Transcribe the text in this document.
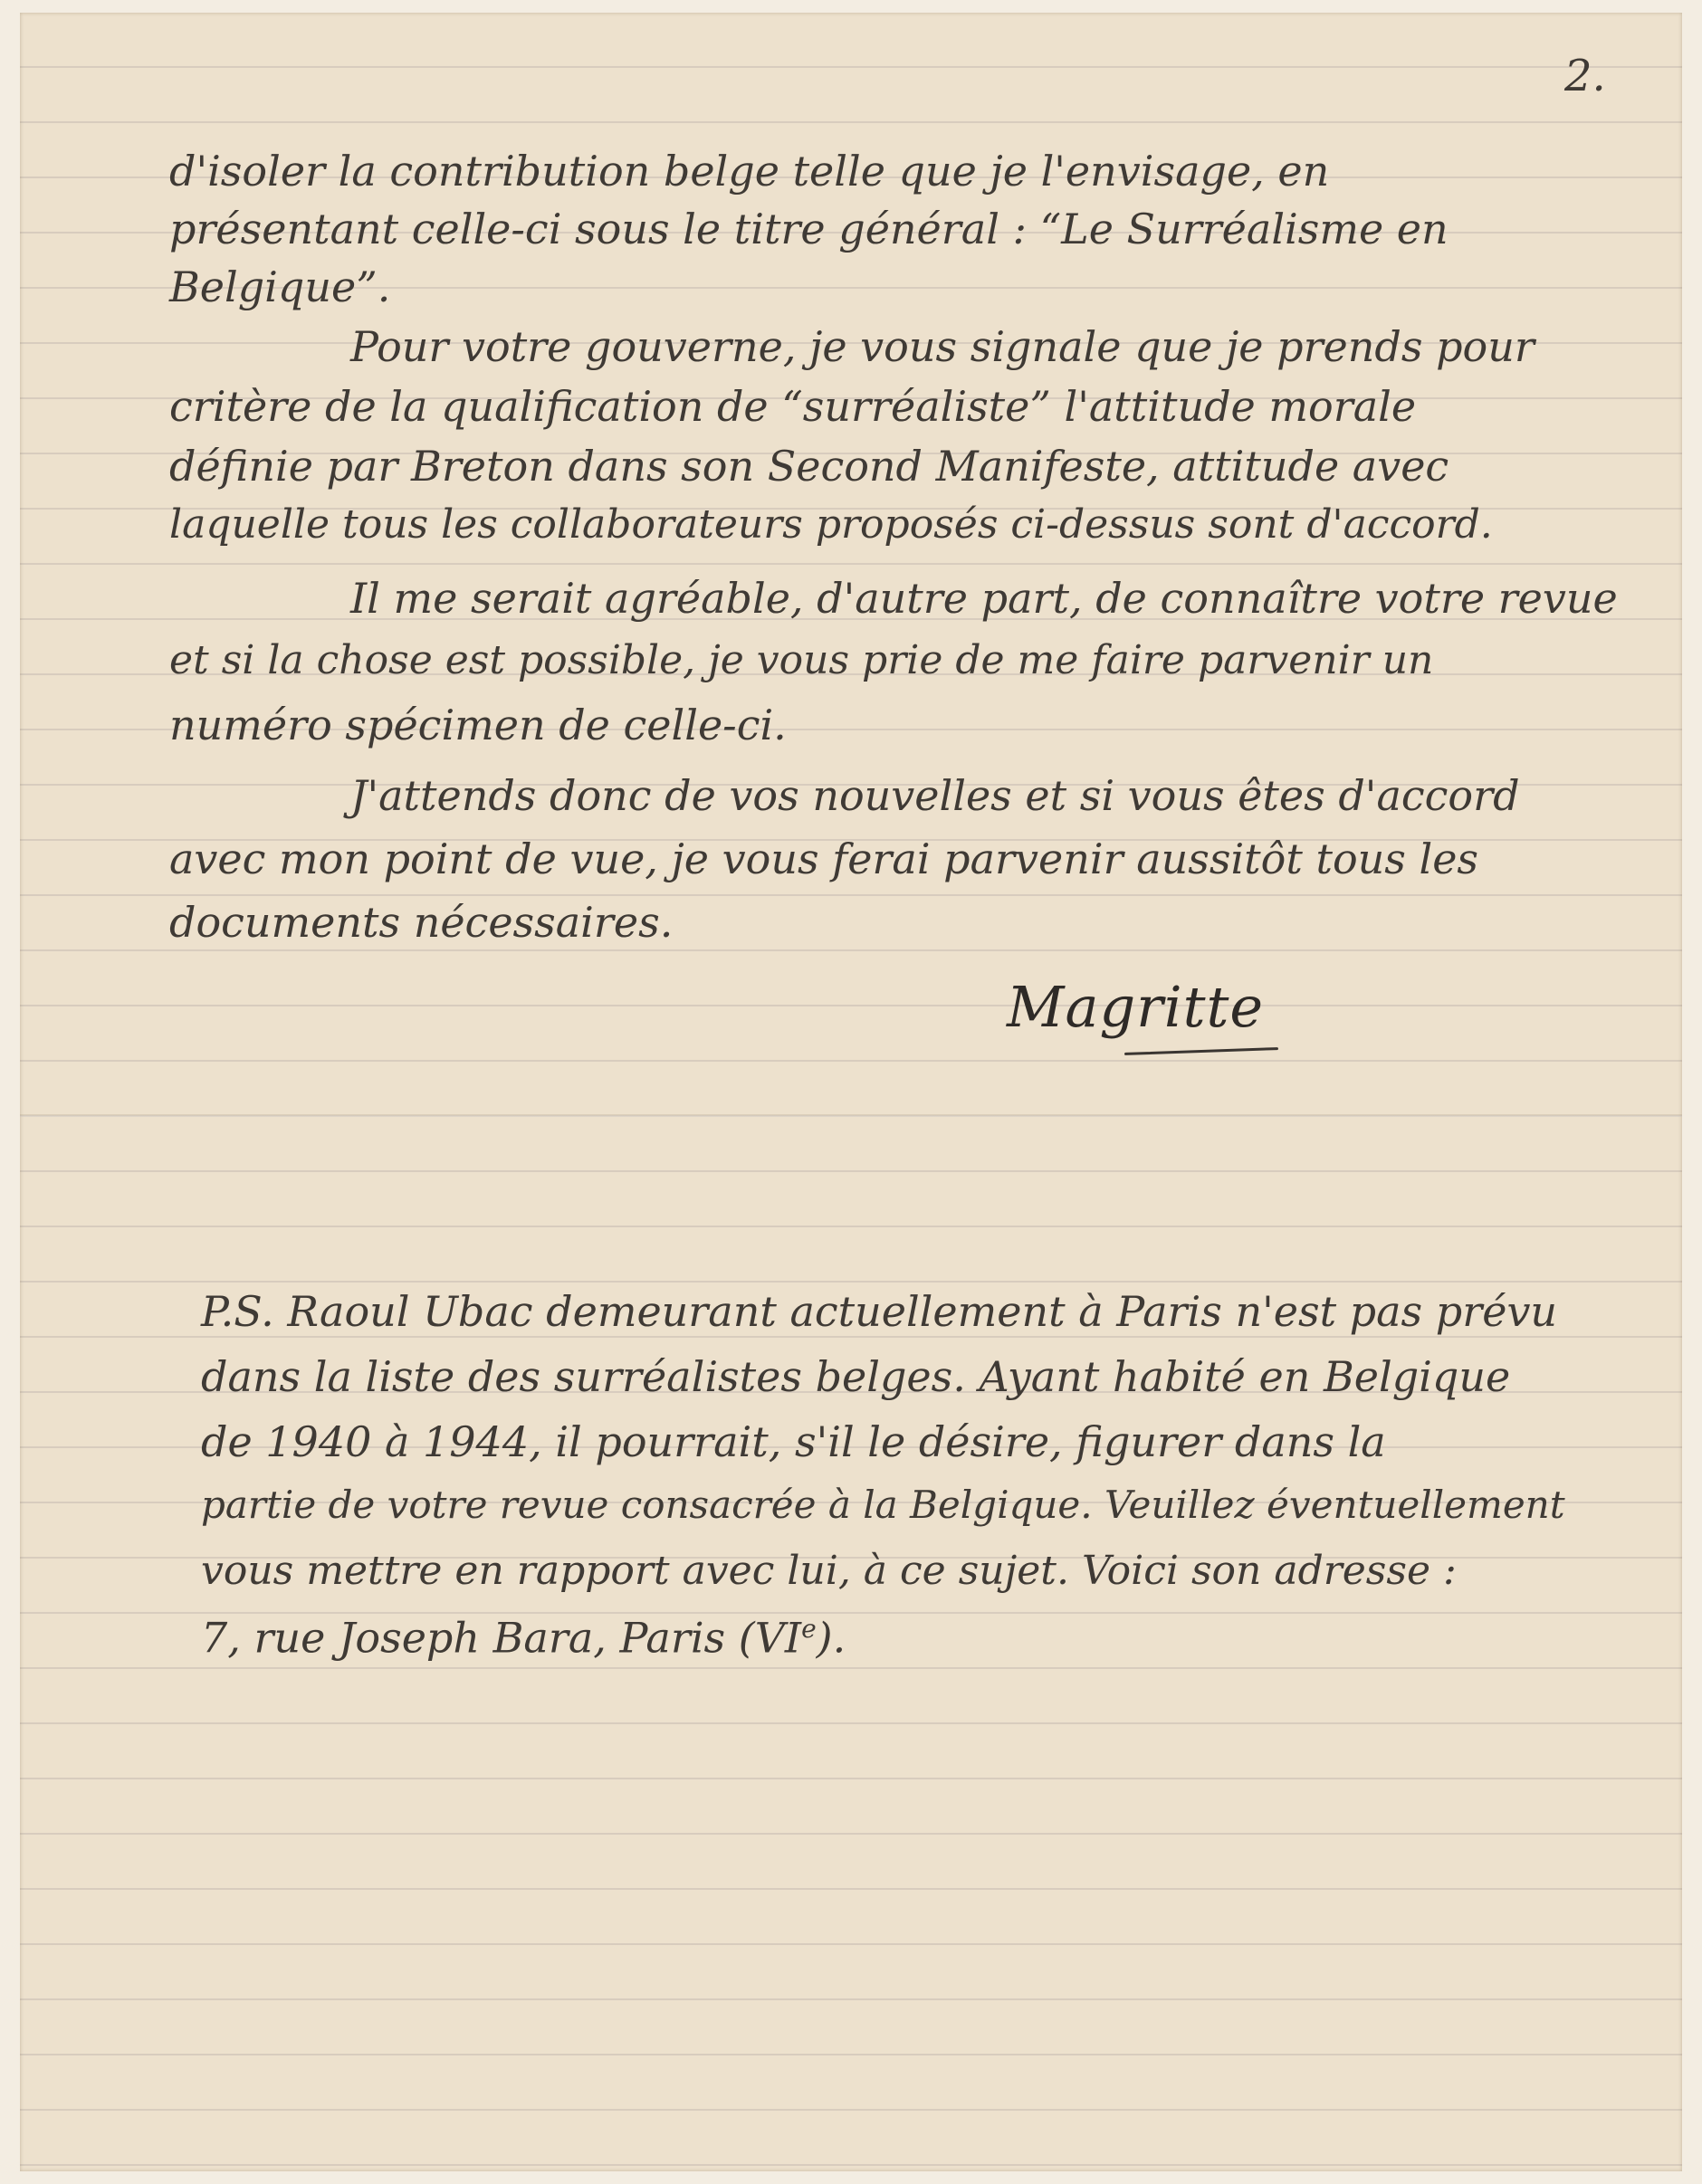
2.
d'isoler la contribution belge telle que je l'envisage, en
présentant celle-ci sous le titre général : “Le Surréalisme en
Belgique”.
Pour votre gouverne, je vous signale que je prends pour
critère de la qualification de “surréaliste” l'attitude morale
définie par Breton dans son Second Manifeste, attitude avec
laquelle tous les collaborateurs proposés ci-dessus sont d'accord.
Il me serait agréable, d'autre part, de connaître votre revue
et si la chose est possible, je vous prie de me faire parvenir un
numéro spécimen de celle-ci.
J'attends donc de vos nouvelles et si vous êtes d'accord
avec mon point de vue, je vous ferai parvenir aussitôt tous les
documents nécessaires.
Magritte
P.S. Raoul Ubac demeurant actuellement à Paris n'est pas prévu
dans la liste des surréalistes belges. Ayant habité en Belgique
de 1940 à 1944, il pourrait, s'il le désire, figurer dans la
partie de votre revue consacrée à la Belgique. Veuillez éventuellement
vous mettre en rapport avec lui, à ce sujet. Voici son adresse :
7, rue Joseph Bara, Paris (VIe).
